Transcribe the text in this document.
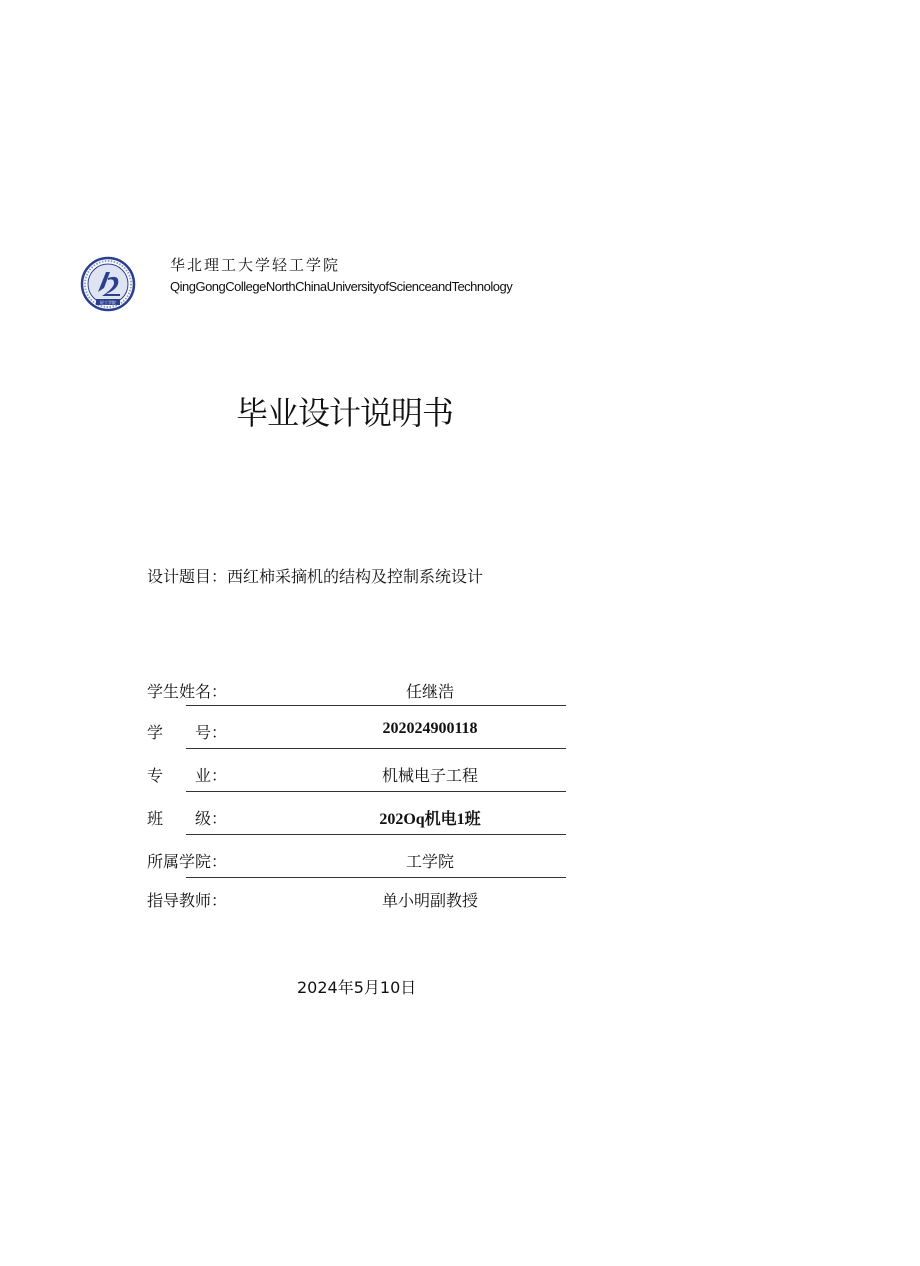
轻工学院
华北理工大学轻工学院
QingGongCollegeNorthChinaUniversityofScienceandTechnology
毕业设计说明书
设计题目：西红柿采摘机的结构及控制系统设计
学生姓名：	任继浩
学　　号：	202024900118
专　　业：	机械电子工程
班　　级：	202Oq机电1班
所属学院：	工学院
指导教师：	单小明副教授
2024年5月10日
